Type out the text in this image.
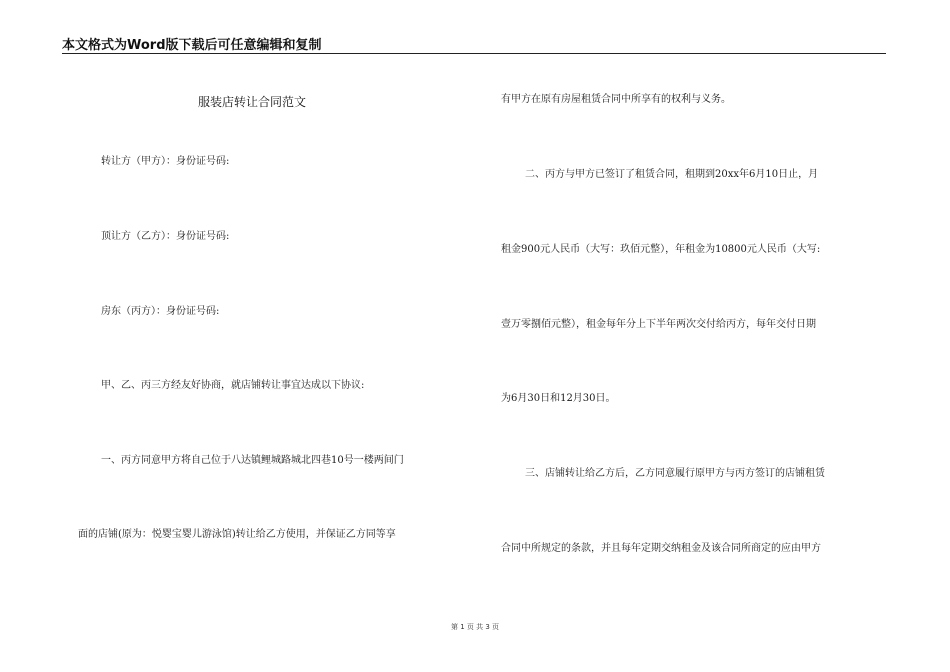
本文格式为Word版下载后可任意编辑和复制
服装店转让合同范文
转让方（甲方）：身份证号码:
顶让方（乙方）：身份证号码:
房东（丙方）：身份证号码:
甲、乙、丙三方经友好协商，就店铺转让事宜达成以下协议:
一、丙方同意甲方将自己位于八达镇鲤城路城北四巷10号一楼两间门
面的店铺(原为：悦婴宝婴儿游泳馆)转让给乙方使用，并保证乙方同等享
有甲方在原有房屋租赁合同中所享有的权利与义务。
二、丙方与甲方已签订了租赁合同，租期到20xx年6月10日止，月
租金900元人民币（大写：玖佰元整），年租金为10800元人民币（大写:
壹万零捌佰元整），租金每年分上下半年两次交付给丙方，每年交付日期
为6月30日和12月30日。
三、店铺转让给乙方后，乙方同意履行原甲方与丙方签订的店铺租赁
合同中所规定的条款，并且每年定期交纳租金及该合同所商定的应由甲方
第 1 页 共 3 页
